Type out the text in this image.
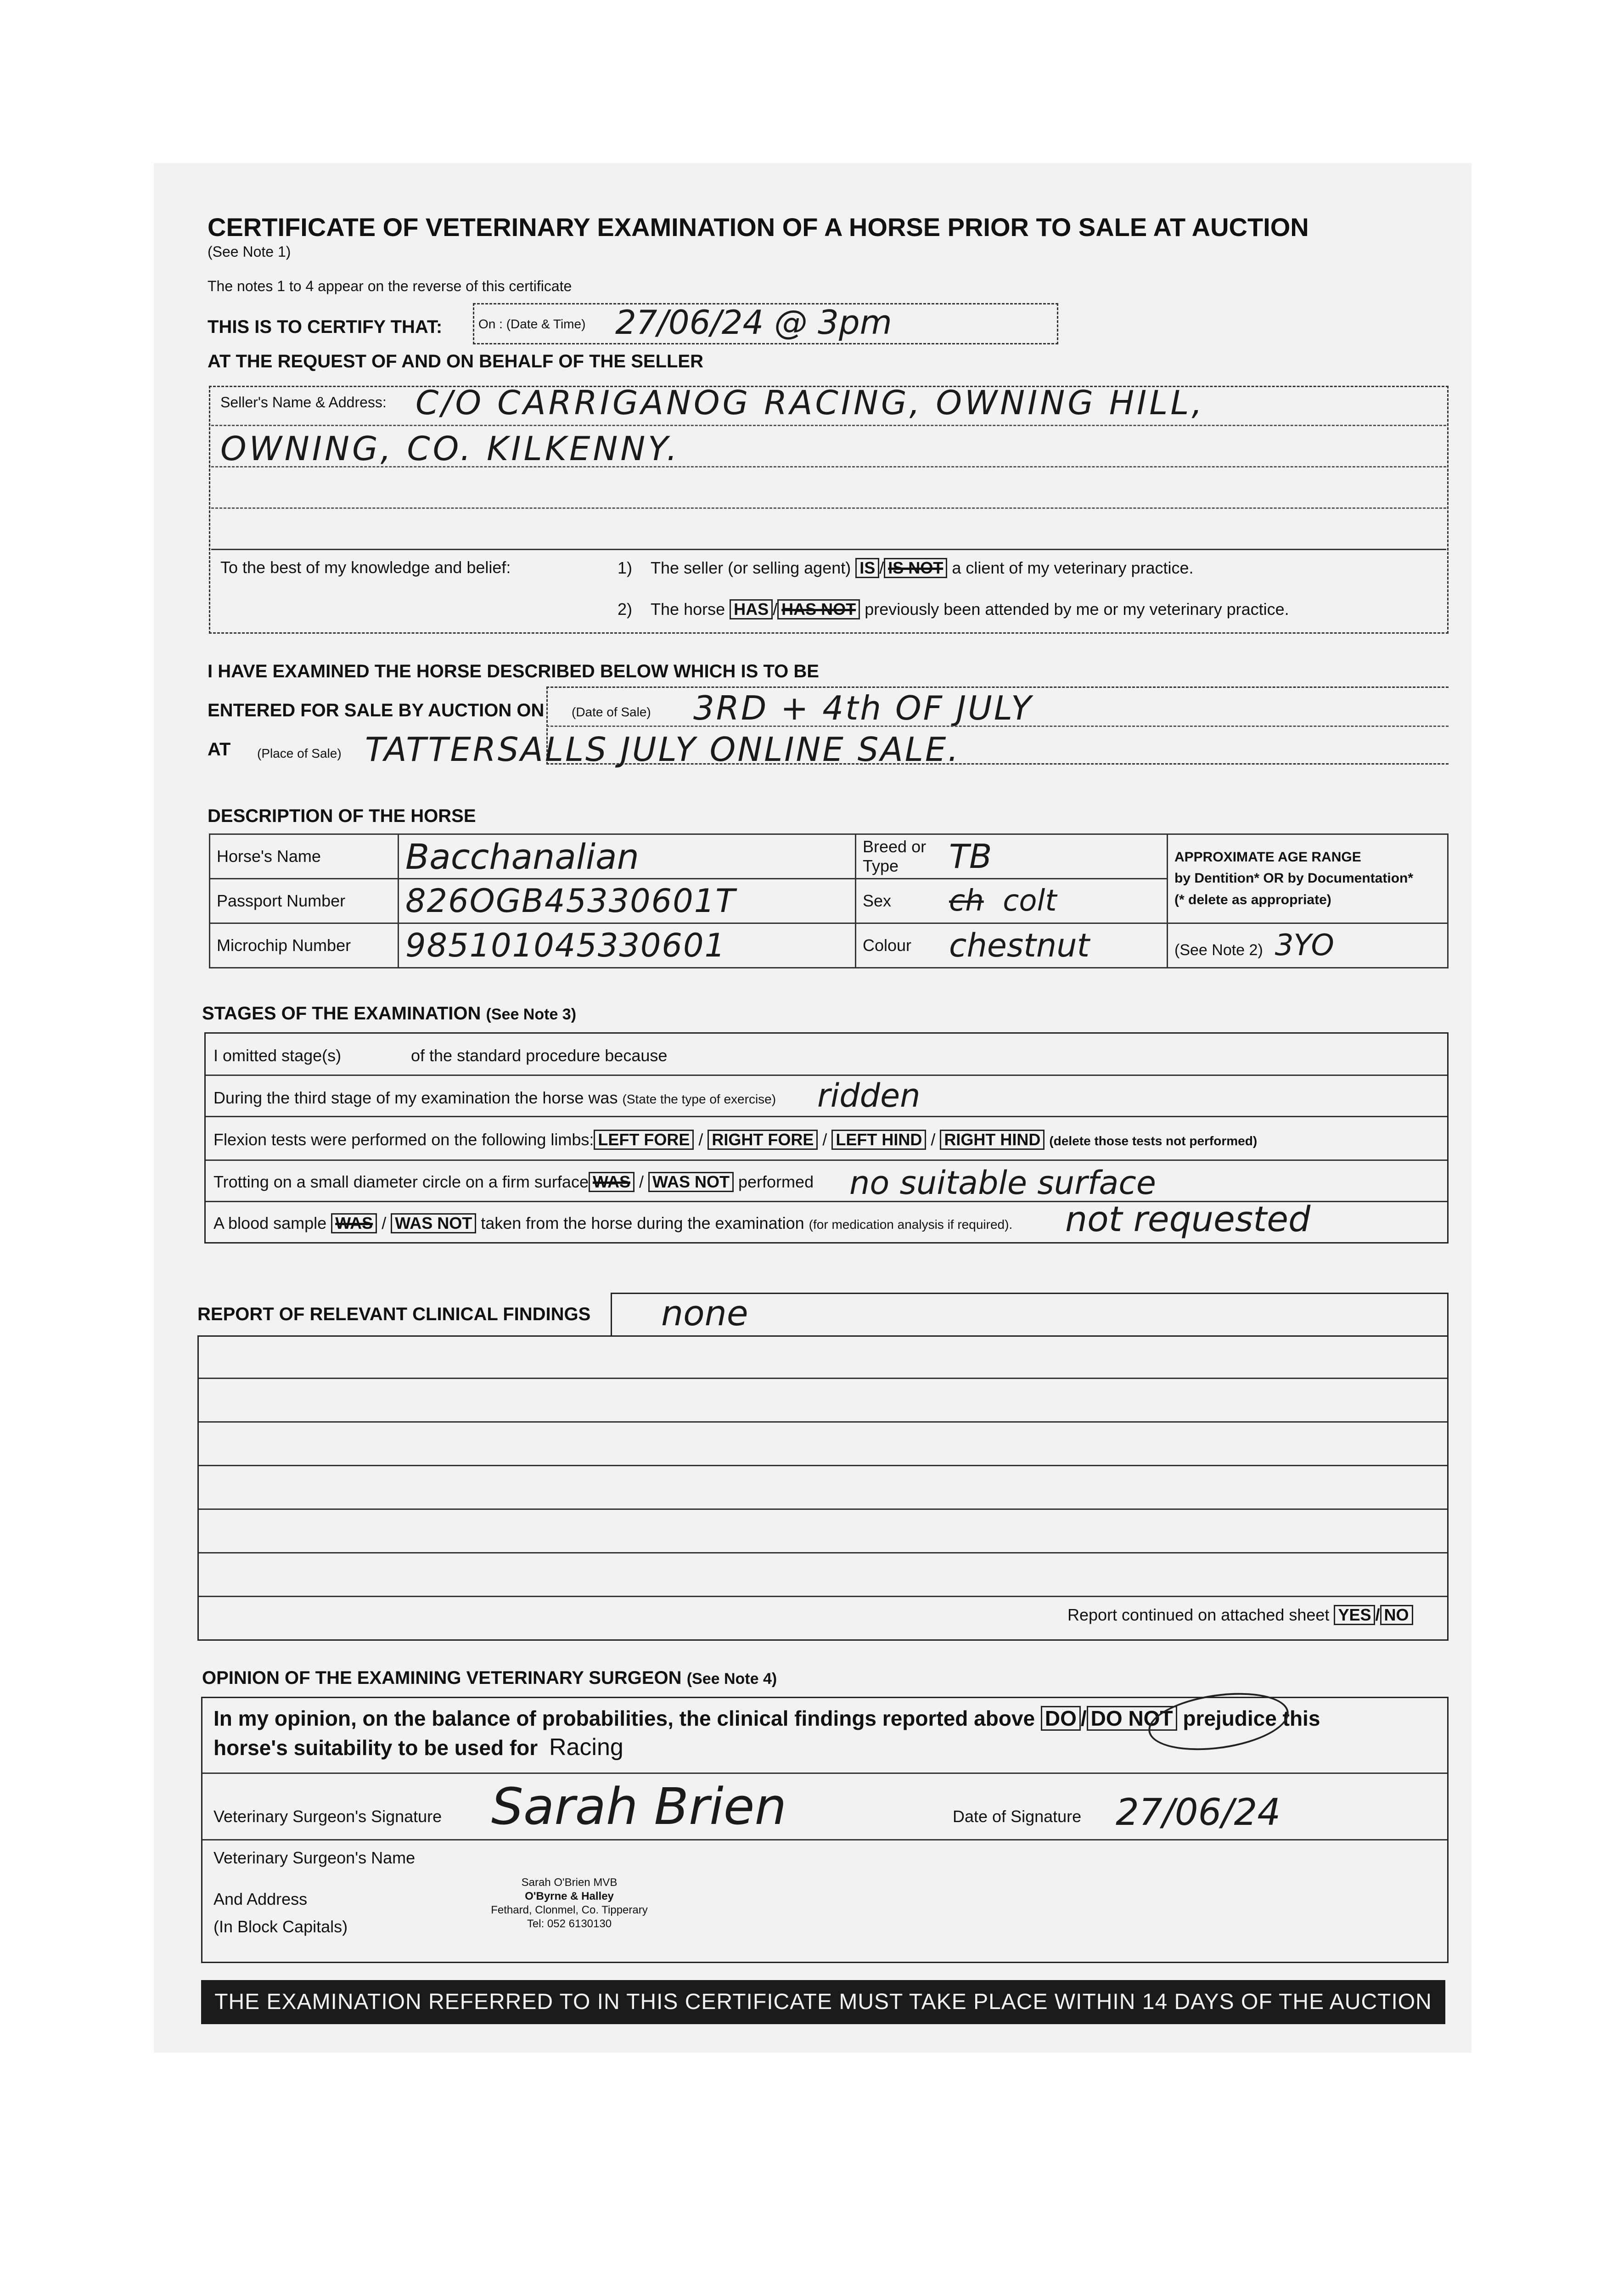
CERTIFICATE OF VETERINARY EXAMINATION OF A HORSE PRIOR TO SALE AT AUCTION
(See Note 1)
The notes 1 to 4 appear on the reverse of this certificate
THIS IS TO CERTIFY THAT:	On : (Date & Time) 27/06/24 @ 3pm
AT THE REQUEST OF AND ON BEHALF OF THE SELLER
Seller's Name & Address: C/O CARRIGANOG RACING, OWNING HILL,
OWNING, CO. KILKENNY.
To the best of my knowledge and belief:	1) The seller (or selling agent) IS / IS NOT a client of my veterinary practice.
2) The horse HAS / HAS NOT previously been attended by me or my veterinary practice.
I HAVE EXAMINED THE HORSE DESCRIBED BELOW WHICH IS TO BE
ENTERED FOR SALE BY AUCTION ON (Date of Sale) 3RD + 4th OF JULY
AT (Place of Sale) TATTERSALLS JULY ONLINE SALE.
DESCRIPTION OF THE HORSE
Horse's Name	Bacchanalian	Breed or Type	TB	APPROXIMATE AGE RANGE
by Dentition* OR by Documentation*
(* delete as appropriate)

Passport Number	826OGB45330601T	Sex	ch colt	
Microchip Number	985101045330601	Colour	chestnut	(See Note 2) 3YO
STAGES OF THE EXAMINATION (See Note 3)
I omitted stage(s)	of the standard procedure because
During the third stage of my examination the horse was (State the type of exercise) ridden
Flexion tests were performed on the following limbs: LEFT FORE / RIGHT FORE / LEFT HIND / RIGHT HIND (delete those tests not performed)
Trotting on a small diameter circle on a firm surface WAS / WAS NOT performed no suitable surface
A blood sample WAS / WAS NOT taken from the horse during the examination (for medication analysis if required). not requested
REPORT OF RELEVANT CLINICAL FINDINGS none
Report continued on attached sheet YES / NO
OPINION OF THE EXAMINING VETERINARY SURGEON (See Note 4)
In my opinion, on the balance of probabilities, the clinical findings reported above DO / DO NOT prejudice this
horse's suitability to be used for Racing
Veterinary Surgeon's Signature Sarah Brien	Date of Signature 27/06/24
Veterinary Surgeon's Name
And Address
(In Block Capitals)
Sarah O'Brien MVB
O'Byrne & Halley
Fethard, Clonmel, Co. Tipperary
Tel: 052 6130130
THE EXAMINATION REFERRED TO IN THIS CERTIFICATE MUST TAKE PLACE WITHIN 14 DAYS OF THE AUCTION
